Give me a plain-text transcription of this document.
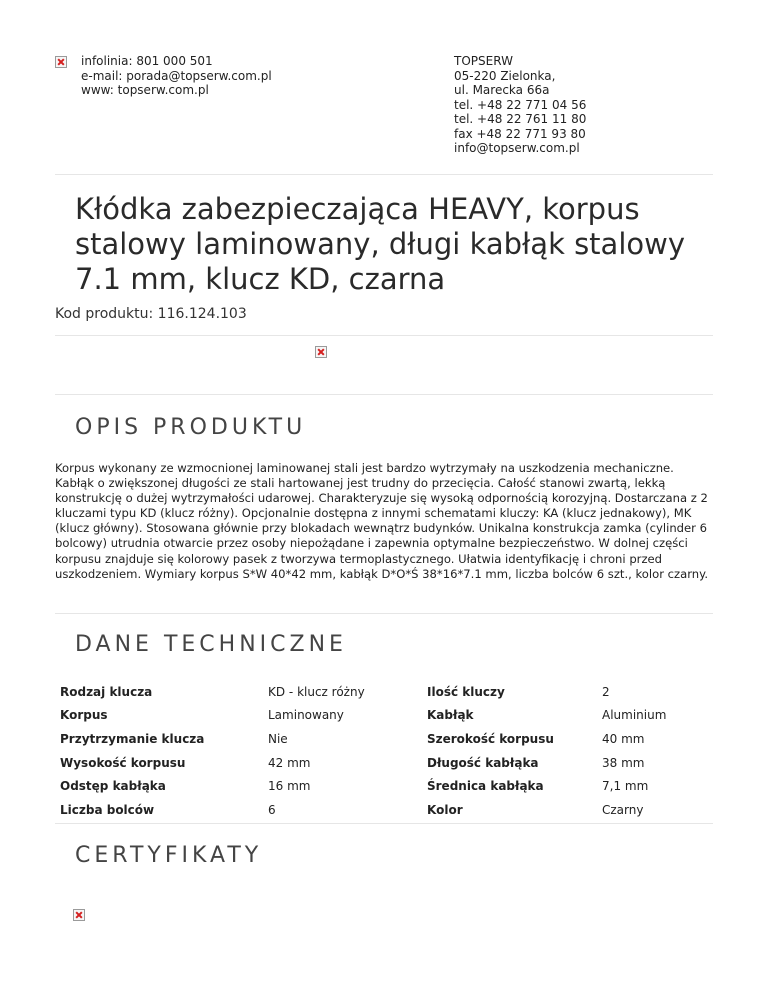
infolinia: 801 000 501
e-mail: porada@topserw.com.pl
www: topserw.com.pl
TOPSERW
05-220 Zielonka,
ul. Marecka 66a
tel. +48 22 771 04 56
tel. +48 22 761 11 80
fax +48 22 771 93 80
info@topserw.com.pl
Kłódka zabezpieczająca HEAVY, korpus stalowy laminowany, długi kabłąk stalowy 7.1 mm, klucz KD, czarna
Kod produktu: 116.124.103
OPIS PRODUKTU

Korpus wykonany ze wzmocnionej laminowanej stali jest bardzo wytrzymały na uszkodzenia mechaniczne. Kabłąk o zwiększonej długości ze stali hartowanej jest trudny do przecięcia. Całość stanowi zwartą, lekką konstrukcję o dużej wytrzymałości udarowej. Charakteryzuje się wysoką odpornością korozyjną. Dostarczana z 2 kluczami typu KD (klucz różny). Opcjonalnie dostępna z innymi schematami kluczy: KA (klucz jednakowy), MK (klucz główny). Stosowana głównie przy blokadach wewnątrz budynków. Unikalna konstrukcja zamka (cylinder 6 bolcowy) utrudnia otwarcie przez osoby niepożądane i zapewnia optymalne bezpieczeństwo. W dolnej części korpusu znajduje się kolorowy pasek z tworzywa termoplastycznego. Ułatwia identyfikację i chroni przed uszkodzeniem. Wymiary korpus S*W 40*42 mm, kabłąk D*O*Ś 38*16*7.1 mm, liczba bolców 6 szt., kolor czarny.

DANE TECHNICZNE
Rodzaj klucza	KD - klucz różny	Ilość kluczy	2
Korpus	Laminowany	Kabłąk	Aluminium
Przytrzymanie klucza	Nie	Szerokość korpusu	40 mm
Wysokość korpusu	42 mm	Długość kabłąka	38 mm
Odstęp kabłąka	16 mm	Średnica kabłąka	7,1 mm
Liczba bolców	6	Kolor	Czarny
CERTYFIKATY
